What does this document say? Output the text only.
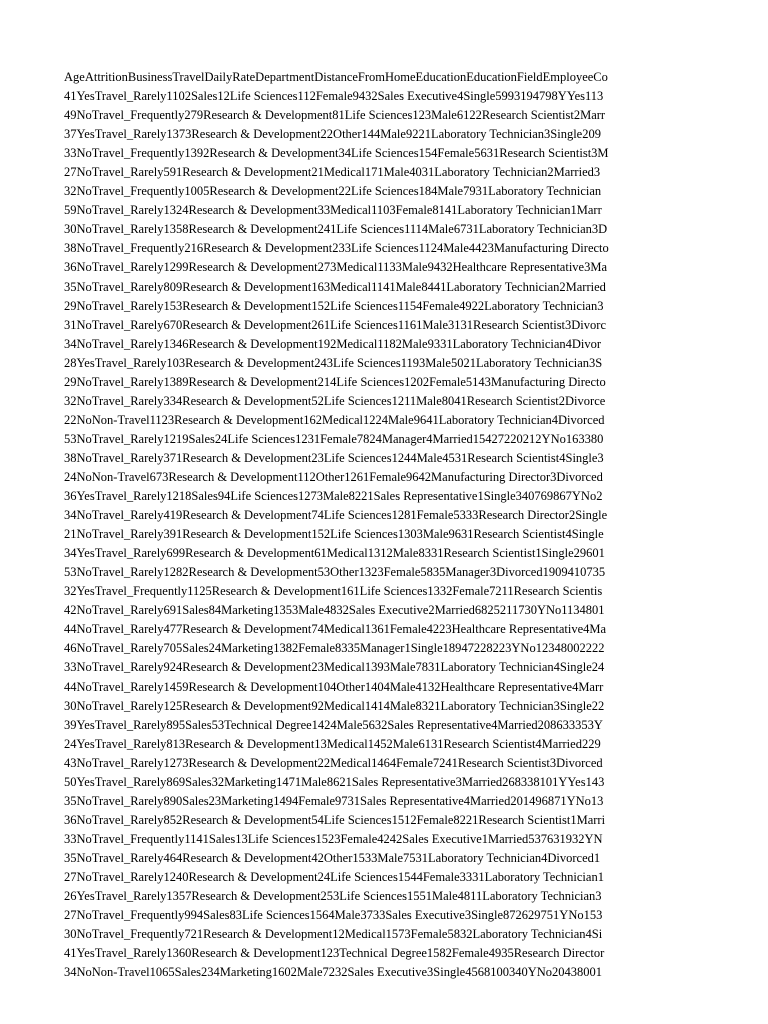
AgeAttritionBusinessTravelDailyRateDepartmentDistanceFromHomeEducationEducationFieldEmployeeCo
41YesTravel_Rarely1102Sales12Life Sciences112Female9432Sales Executive4Single5993194798YYes113
49NoTravel_Frequently279Research & Development81Life Sciences123Male6122Research Scientist2Marr
37YesTravel_Rarely1373Research & Development22Other144Male9221Laboratory Technician3Single209
33NoTravel_Frequently1392Research & Development34Life Sciences154Female5631Research Scientist3M
27NoTravel_Rarely591Research & Development21Medical171Male4031Laboratory Technician2Married3
32NoTravel_Frequently1005Research & Development22Life Sciences184Male7931Laboratory Technician
59NoTravel_Rarely1324Research & Development33Medical1103Female8141Laboratory Technician1Marr
30NoTravel_Rarely1358Research & Development241Life Sciences1114Male6731Laboratory Technician3D
38NoTravel_Frequently216Research & Development233Life Sciences1124Male4423Manufacturing Directo
36NoTravel_Rarely1299Research & Development273Medical1133Male9432Healthcare Representative3Ma
35NoTravel_Rarely809Research & Development163Medical1141Male8441Laboratory Technician2Married
29NoTravel_Rarely153Research & Development152Life Sciences1154Female4922Laboratory Technician3
31NoTravel_Rarely670Research & Development261Life Sciences1161Male3131Research Scientist3Divorc
34NoTravel_Rarely1346Research & Development192Medical1182Male9331Laboratory Technician4Divor
28YesTravel_Rarely103Research & Development243Life Sciences1193Male5021Laboratory Technician3S
29NoTravel_Rarely1389Research & Development214Life Sciences1202Female5143Manufacturing Directo
32NoTravel_Rarely334Research & Development52Life Sciences1211Male8041Research Scientist2Divorce
22NoNon-Travel1123Research & Development162Medical1224Male9641Laboratory Technician4Divorced
53NoTravel_Rarely1219Sales24Life Sciences1231Female7824Manager4Married15427220212YNo163380
38NoTravel_Rarely371Research & Development23Life Sciences1244Male4531Research Scientist4Single3
24NoNon-Travel673Research & Development112Other1261Female9642Manufacturing Director3Divorced
36YesTravel_Rarely1218Sales94Life Sciences1273Male8221Sales Representative1Single340769867YNo2
34NoTravel_Rarely419Research & Development74Life Sciences1281Female5333Research Director2Single
21NoTravel_Rarely391Research & Development152Life Sciences1303Male9631Research Scientist4Single
34YesTravel_Rarely699Research & Development61Medical1312Male8331Research Scientist1Single29601
53NoTravel_Rarely1282Research & Development53Other1323Female5835Manager3Divorced1909410735
32YesTravel_Frequently1125Research & Development161Life Sciences1332Female7211Research Scientis
42NoTravel_Rarely691Sales84Marketing1353Male4832Sales Executive2Married6825211730YNo1134801
44NoTravel_Rarely477Research & Development74Medical1361Female4223Healthcare Representative4Ma
46NoTravel_Rarely705Sales24Marketing1382Female8335Manager1Single18947228223YNo12348002222
33NoTravel_Rarely924Research & Development23Medical1393Male7831Laboratory Technician4Single24
44NoTravel_Rarely1459Research & Development104Other1404Male4132Healthcare Representative4Marr
30NoTravel_Rarely125Research & Development92Medical1414Male8321Laboratory Technician3Single22
39YesTravel_Rarely895Sales53Technical Degree1424Male5632Sales Representative4Married208633353Y
24YesTravel_Rarely813Research & Development13Medical1452Male6131Research Scientist4Married229
43NoTravel_Rarely1273Research & Development22Medical1464Female7241Research Scientist3Divorced
50YesTravel_Rarely869Sales32Marketing1471Male8621Sales Representative3Married268338101YYes143
35NoTravel_Rarely890Sales23Marketing1494Female9731Sales Representative4Married201496871YNo13
36NoTravel_Rarely852Research & Development54Life Sciences1512Female8221Research Scientist1Marri
33NoTravel_Frequently1141Sales13Life Sciences1523Female4242Sales Executive1Married537631932YN
35NoTravel_Rarely464Research & Development42Other1533Male7531Laboratory Technician4Divorced1
27NoTravel_Rarely1240Research & Development24Life Sciences1544Female3331Laboratory Technician1
26YesTravel_Rarely1357Research & Development253Life Sciences1551Male4811Laboratory Technician3
27NoTravel_Frequently994Sales83Life Sciences1564Male3733Sales Executive3Single872629751YNo153
30NoTravel_Frequently721Research & Development12Medical1573Female5832Laboratory Technician4Si
41YesTravel_Rarely1360Research & Development123Technical Degree1582Female4935Research Director
34NoNon-Travel1065Sales234Marketing1602Male7232Sales Executive3Single4568100340YNo20438001
